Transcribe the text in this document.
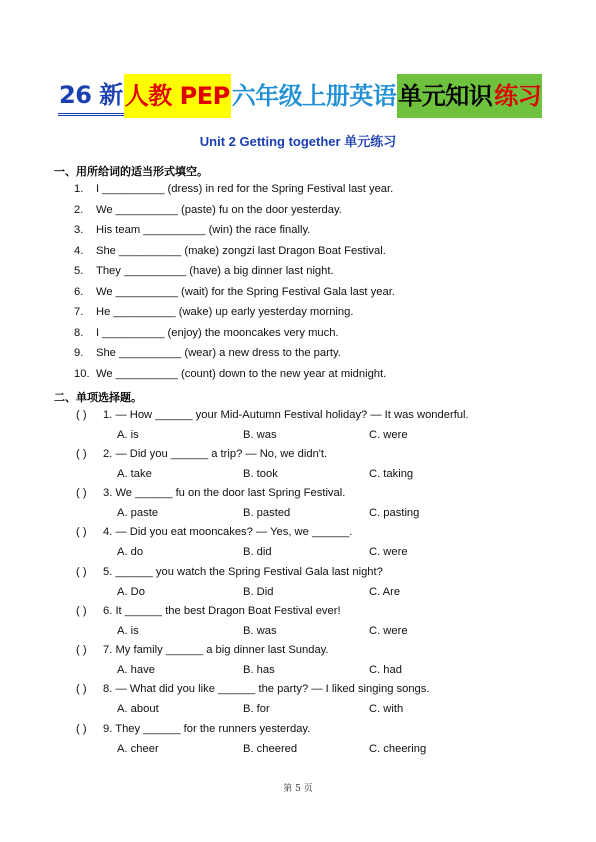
26 新 人教 PEP 六年级上册英语 单元知识 练习
Unit 2 Getting together 单元练习
一、用所给词的适当形式填空。
1.	I __________ (dress) in red for the Spring Festival last year.
2.	We __________ (paste) fu on the door yesterday.
3.	His team __________ (win) the race finally.
4.	She __________ (make) zongzi last Dragon Boat Festival.
5.	They __________ (have) a big dinner last night.
6.	We __________ (wait) for the Spring Festival Gala last year.
7.	He __________ (wake) up early yesterday morning.
8.	I __________ (enjoy) the mooncakes very much.
9.	She __________ (wear) a new dress to the party.
10. We __________ (count) down to the new year at midnight.
二、单项选择题。
( ) 1. — How ______ your Mid-Autumn Festival holiday? — It was wonderful.
A. is	B. was	C. were
( ) 2. — Did you ______ a trip? — No, we didn't.
A. take	B. took	C. taking
( ) 3. We ______ fu on the door last Spring Festival.
A. paste	B. pasted	C. pasting
( ) 4. — Did you eat mooncakes? — Yes, we ______.
A. do	B. did	C. were
( ) 5. ______ you watch the Spring Festival Gala last night?
A. Do	B. Did	C. Are
( ) 6. It ______ the best Dragon Boat Festival ever!
A. is	B. was	C. were
( ) 7. My family ______ a big dinner last Sunday.
A. have	B. has	C. had
( ) 8. — What did you like ______ the party? — I liked singing songs.
A. about	B. for	C. with
( ) 9. They ______ for the runners yesterday.
A. cheer	B. cheered	C. cheering
第 5 页
